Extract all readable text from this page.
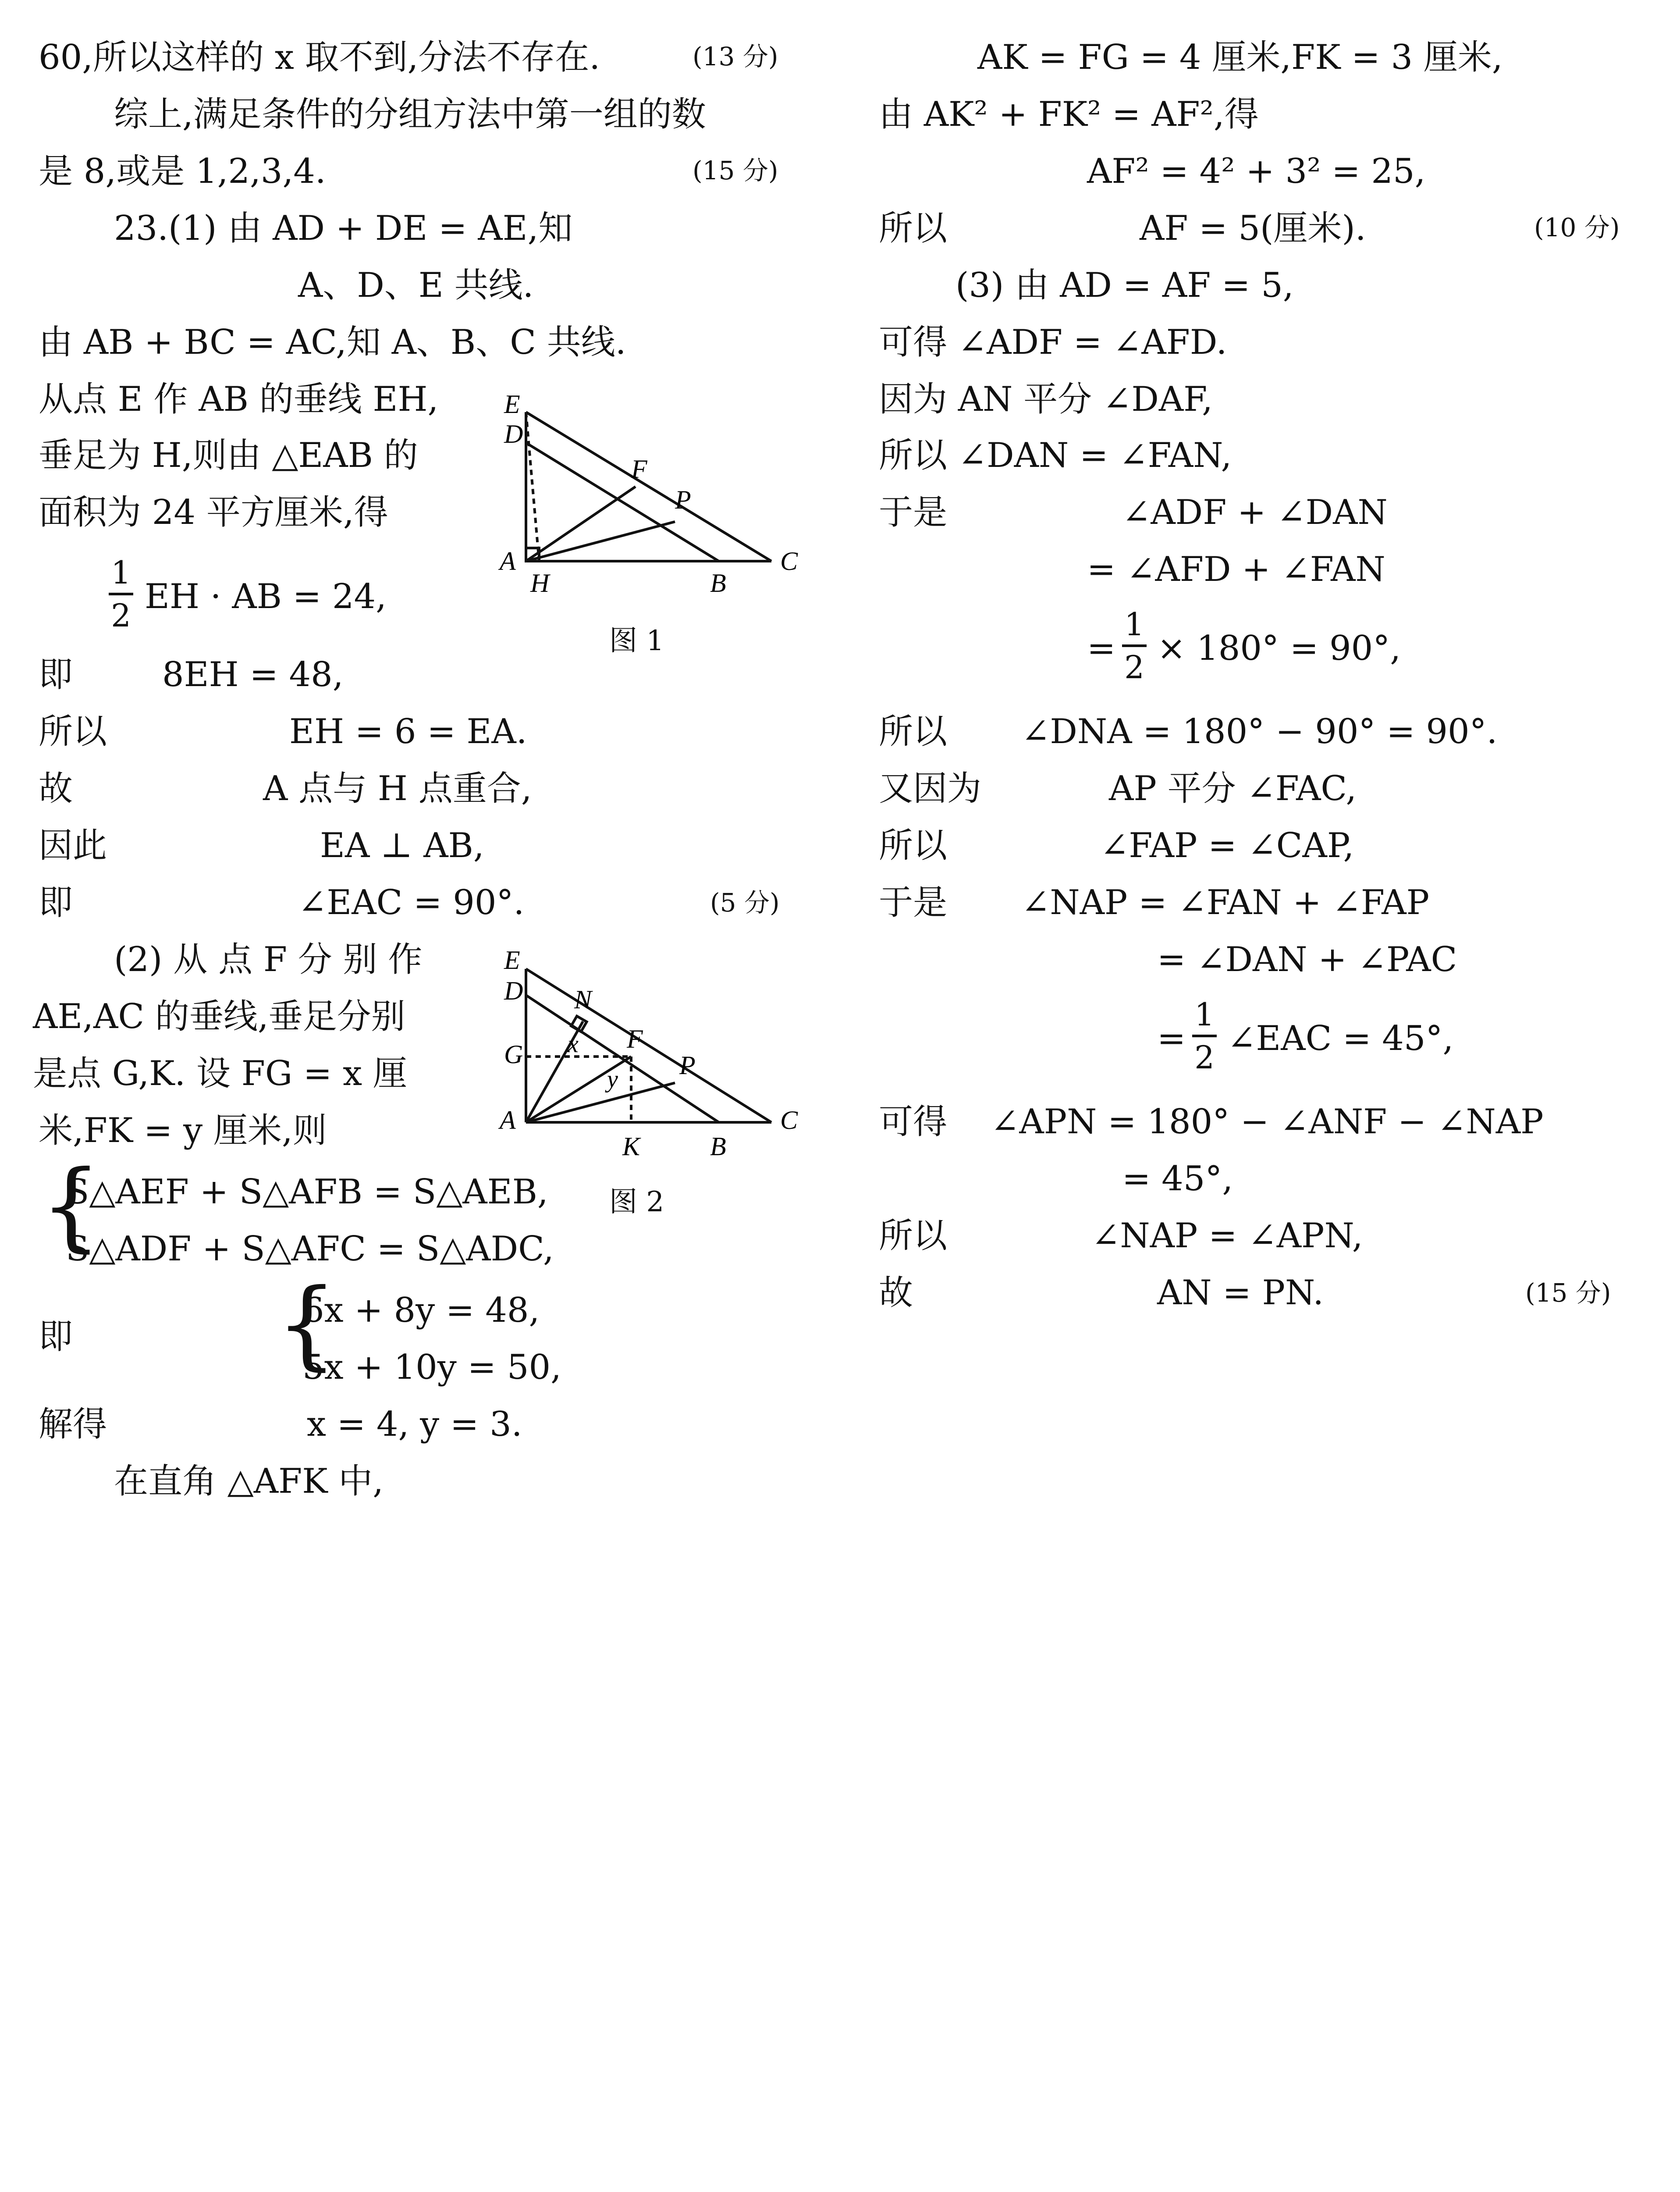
60,所以这样的 x 取不到,分法不存在.	(13 分)
综上,满足条件的分组方法中第一组的数
是 8,或是 1,2,3,4.	(15 分)
23.(1) 由 AD + DE = AE,知
A、D、E 共线.
由 AB + BC = AC,知 A、B、C 共线.
从点 E 作 AB 的垂线 EH,
垂足为 H,则由 △EAB 的
面积为 24 平方厘米,得
1
2 EH · AB = 24,
即	8EH = 48,
所以	EH = 6 = EA.
故	A 点与 H 点重合,
因此	EA ⊥ AB,
即	∠EAC = 90°.	(5 分)
(2) 从 点 F 分 别 作
AE,AC 的垂线,垂足分别
是点 G,K. 设 FG = x 厘
米,FK = y 厘米,则
{
S△AEF + S△AFB = S△AEB,
S△ADF + S△AFC = S△ADC,
即 {
6x + 8y = 48,
5x + 10y = 50,
解得	x = 4, y = 3.
在直角 △AFK 中,
E
D
F
P
A
H	B
C
图 1
E
D N
G
F
P
x
y
A
K	B
C
图 2
AK = FG = 4 厘米,FK = 3 厘米,
由 AK² + FK² = AF²,得
AF² = 4² + 3² = 25,
所以	AF = 5(厘米).	(10 分)
(3) 由 AD = AF = 5,
可得 ∠ADF = ∠AFD.
因为 AN 平分 ∠DAF,
所以 ∠DAN = ∠FAN,
于是	∠ADF + ∠DAN
= ∠AFD + ∠FAN
=
1
2 × 180° = 90°,
所以 ∠DNA = 180° − 90° = 90°.
又因为	AP 平分 ∠FAC,
所以	∠FAP = ∠CAP,
于是 ∠NAP = ∠FAN + ∠FAP
= ∠DAN + ∠PAC
=
1
2 ∠EAC = 45°,
可得 ∠APN = 180° − ∠ANF − ∠NAP
= 45°,
所以	∠NAP = ∠APN,
故	AN = PN.	(15 分)
